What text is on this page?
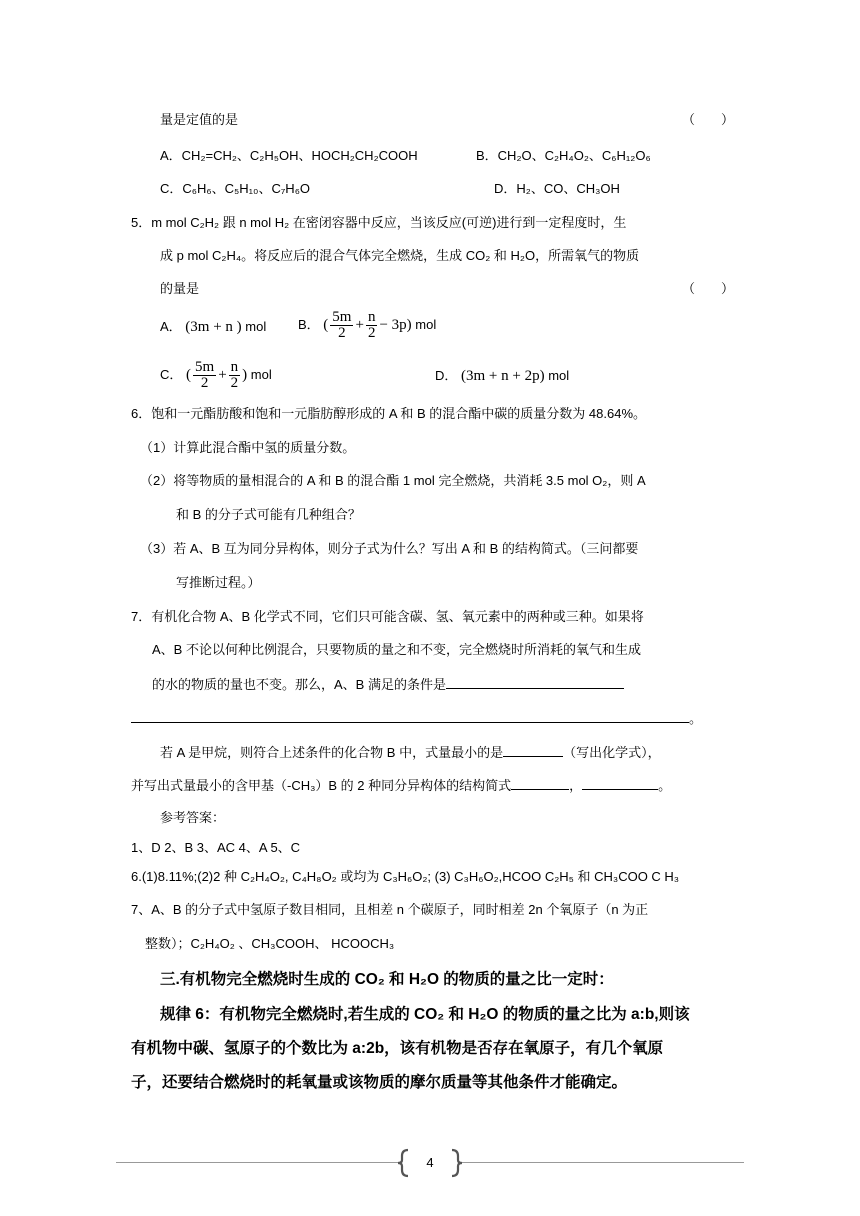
量是定值的是	（　　）
A．CH₂=CH₂、C₂H₅OH、HOCH₂CH₂COOH	B．CH₂O、C₂H₄O₂、C₆H₁₂O₆
C．C₆H₆、C₅H₁₀、C₇H₆O	D．H₂、CO、CH₃OH
5．m mol C₂H₂ 跟 n mol H₂ 在密闭容器中反应，当该反应(可逆)进行到一定程度时，生
成 p mol C₂H₄。将反应后的混合气体完全燃烧，生成 CO₂ 和 H₂O，所需氧气的物质
的量是	（　　）
A． (3m + n ) mol B． ( $\frac{5m}{2} + \frac{n}{2} - 3p$) mol
C． ( $\frac{5m}{2} + \frac{n}{2}$ ) mol	D． (3m + n + 2p) mol
6．饱和一元酯肪酸和饱和一元脂肪醇形成的 A 和 B 的混合酯中碳的质量分数为 48.64%。
（1）计算此混合酯中氢的质量分数。
（2）将等物质的量相混合的 A 和 B 的混合酯 1 mol 完全燃烧，共消耗 3.5 mol O₂，则 A
和 B 的分子式可能有几种组合？
（3）若 A、B 互为同分异构体，则分子式为什么？写出 A 和 B 的结构简式。（三问都要
写推断过程。）
7．有机化合物 A、B 化学式不同，它们只可能含碳、氢、氧元素中的两种或三种。如果将
A、B 不论以何种比例混合，只要物质的量之和不变，完全燃烧时所消耗的氧气和生成
的水的物质的量也不变。那么，A、B 满足的条件是
。
若 A 是甲烷，则符合上述条件的化合物 B 中，式量最小的是	（写出化学式），
并写出式量最小的含甲基（-CH₃）B 的 2 种同分异构体的结构简式	，	。
参考答案：
1、D 2、B 3、AC 4、A 5、C
6.(1)8.11%;(2)2 种 C₂H₄O₂, C₄H₈O₂ 或均为 C₃H₆O₂; (3) C₃H₆O₂,HCOO C₂H₅ 和 CH₃COO C H₃
7、A、B 的分子式中氢原子数目相同，且相差 n 个碳原子，同时相差 2n 个氧原子（n 为正
整数）；C₂H₄O₂ 、CH₃COOH、 HCOOCH₃
三.有机物完全燃烧时生成的 CO₂ 和 H₂O 的物质的量之比一定时：
规律 6：有机物完全燃烧时,若生成的 CO₂ 和 H₂O 的物质的量之比为 a:b,则该
有机物中碳、氢原子的个数比为 a:2b，该有机物是否存在氧原子，有几个氧原
子，还要结合燃烧时的耗氧量或该物质的摩尔质量等其他条件才能确定。
4
